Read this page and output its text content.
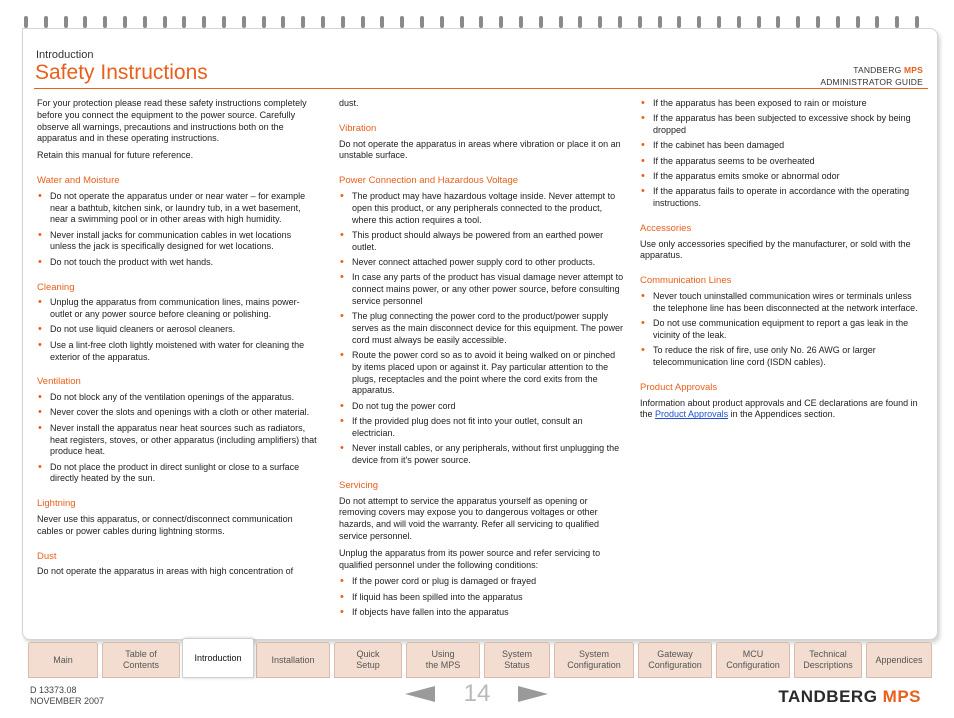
Introduction
Safety Instructions	TANDBERG MPS
ADMINISTRATOR GUIDE

For your protection please read these safety instructions completely before you connect the equipment to the power source. Carefully observe all warnings, precautions and instructions both on the apparatus and in these operating instructions.

Retain this manual for future reference.

Water and Moisture
• Do not operate the apparatus under or near water – for example near a bathtub, kitchen sink, or laundry tub, in a wet basement, near a swimming pool or in other areas with high humidity.
• Never install jacks for communication cables in wet locations unless the jack is specifically designed for wet locations.
• Do not touch the product with wet hands.
Cleaning
• Unplug the apparatus from communication lines, mains power-outlet or any power source before cleaning or polishing.
• Do not use liquid cleaners or aerosol cleaners.
• Use a lint-free cloth lightly moistened with water for cleaning the exterior of the apparatus.
Ventilation
• Do not block any of the ventilation openings of the apparatus.
• Never cover the slots and openings with a cloth or other material.
• Never install the apparatus near heat sources such as radiators, heat registers, stoves, or other apparatus (including amplifiers) that produce heat.
• Do not place the product in direct sunlight or close to a surface directly heated by the sun.
Lightning

Never use this apparatus, or connect/disconnect communication cables or power cables during lightning storms.

Dust

Do not operate the apparatus in areas with high concentration of

dust.

Vibration

Do not operate the apparatus in areas where vibration or place it on an unstable surface.

Power Connection and Hazardous Voltage
• The product may have hazardous voltage inside. Never attempt to open this product, or any peripherals connected to the product, where this action requires a tool.
• This product should always be powered from an earthed power outlet.
• Never connect attached power supply cord to other products.
• In case any parts of the product has visual damage never attempt to connect mains power, or any other power source, before consulting service personnel
• The plug connecting the power cord to the product/power supply serves as the main disconnect device for this equipment. The power cord must always be easily accessible.
• Route the power cord so as to avoid it being walked on or pinched by items placed upon or against it. Pay particular attention to the plugs, receptacles and the point where the cord exits from the apparatus.
• Do not tug the power cord
• If the provided plug does not fit into your outlet, consult an electrician.
• Never install cables, or any peripherals, without first unplugging the device from it's power source.
Servicing

Do not attempt to service the apparatus yourself as opening or removing covers may expose you to dangerous voltages or other hazards, and will void the warranty. Refer all servicing to qualified service personnel.

Unplug the apparatus from its power source and refer servicing to qualified personnel under the following conditions:

• If the power cord or plug is damaged or frayed
• If liquid has been spilled into the apparatus
• If objects have fallen into the apparatus
• If the apparatus has been exposed to rain or moisture
• If the apparatus has been subjected to excessive shock by being dropped
• If the cabinet has been damaged
• If the apparatus seems to be overheated
• If the apparatus emits smoke or abnormal odor
• If the apparatus fails to operate in accordance with the operating instructions.
Accessories

Use only accessories specified by the manufacturer, or sold with the apparatus.

Communication Lines
• Never touch uninstalled communication wires or terminals unless the telephone line has been disconnected at the network interface.
• Do not use communication equipment to report a gas leak in the vicinity of the leak.
• To reduce the risk of fire, use only No. 26 AWG or larger telecommunication line cord (ISDN cables).
Product Approvals

Information about product approvals and CE declarations are found in the Product Approvals in the Appendices section.

Main
Table of
Contents
Installation
Quick
Setup
Using
the MPS
System
Status
System
Configuration
Gateway
Configuration
MCU
Configuration
Technical
Descriptions
Appendices
Introduction
D 13373.08
NOVEMBER 2007	14	TANDBERG MPS
